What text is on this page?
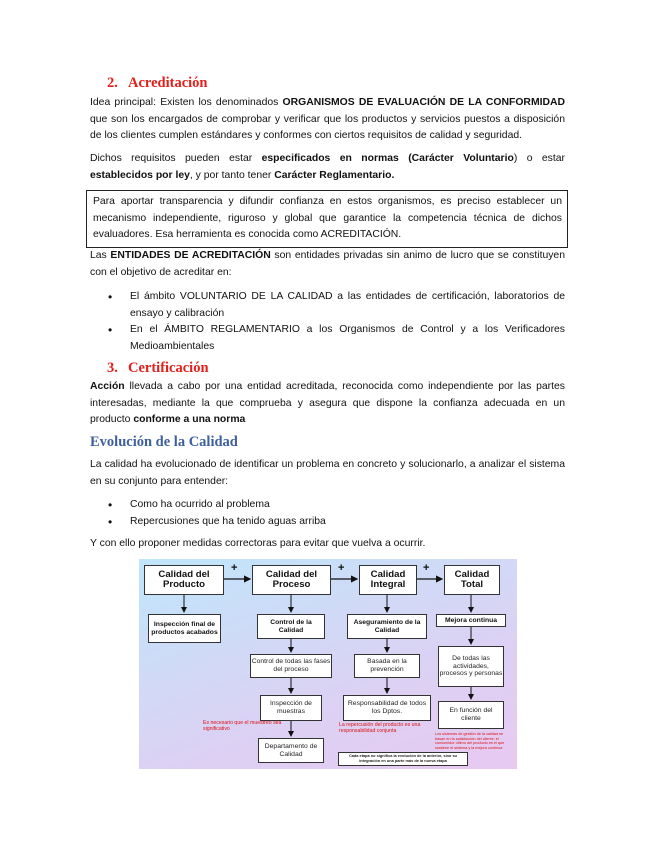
2. Acreditación
Idea principal: Existen los denominados ORGANISMOS DE EVALUACIÓN DE LA CONFORMIDAD que son los encargados de comprobar y verificar que los productos y servicios puestos a disposición de los clientes cumplen estándares y conformes con ciertos requisitos de calidad y seguridad.
Dichos requisitos pueden estar especificados en normas (Carácter Voluntario) o estar establecidos por ley, y por tanto tener Carácter Reglamentario.
Para aportar transparencia y difundir confianza en estos organismos, es preciso establecer un mecanismo independiente, riguroso y global que garantice la competencia técnica de dichos evaluadores. Esa herramienta es conocida como ACREDITACIÓN.
Las ENTIDADES DE ACREDITACIÓN son entidades privadas sin animo de lucro que se constituyen con el objetivo de acreditar en:
•	El ámbito VOLUNTARIO DE LA CALIDAD a las entidades de certificación, laboratorios de ensayo y calibración
•	En el ÁMBITO REGLAMENTARIO a los Organismos de Control y a los Verificadores Medioambientales
3. Certificación
Acción llevada a cabo por una entidad acreditada, reconocida como independiente por las partes interesadas, mediante la que comprueba y asegura que dispone la confianza adecuada en un producto conforme a una norma
Evolución de la Calidad
La calidad ha evolucionado de identificar un problema en concreto y solucionarlo, a analizar el sistema en su conjunto para entender:
•	Como ha ocurrido al problema
•	Repercusiones que ha tenido aguas arriba
Y con ello proponer medidas correctoras para evitar que vuelva a ocurrir.
+	+	+
Calidad del Producto
Calidad del Proceso
Calidad Integral
Calidad Total
Inspección final de productos acabados
Control de la Calidad
Control de todas las fases del proceso
Inspección de muestras
Es necesario que el muestreo sea significativo
Departamento de Calidad
Aseguramiento de la Calidad
Basada en la prevención
Responsabilidad de todos los Dptos.
La repercusión del producto es una responsabilidad conjunta
Mejora continua
De todas las actividades, procesos y personas
En función del cliente
Los sistemas de gestión de la calidad se basan en la satisfacción del cliente; el consumidor último del producto es el que sostiene el sistema y la mejora continua
Cada etapa no significa la evolución de la anterior, sino su integración en una parte más de la nueva etapa
